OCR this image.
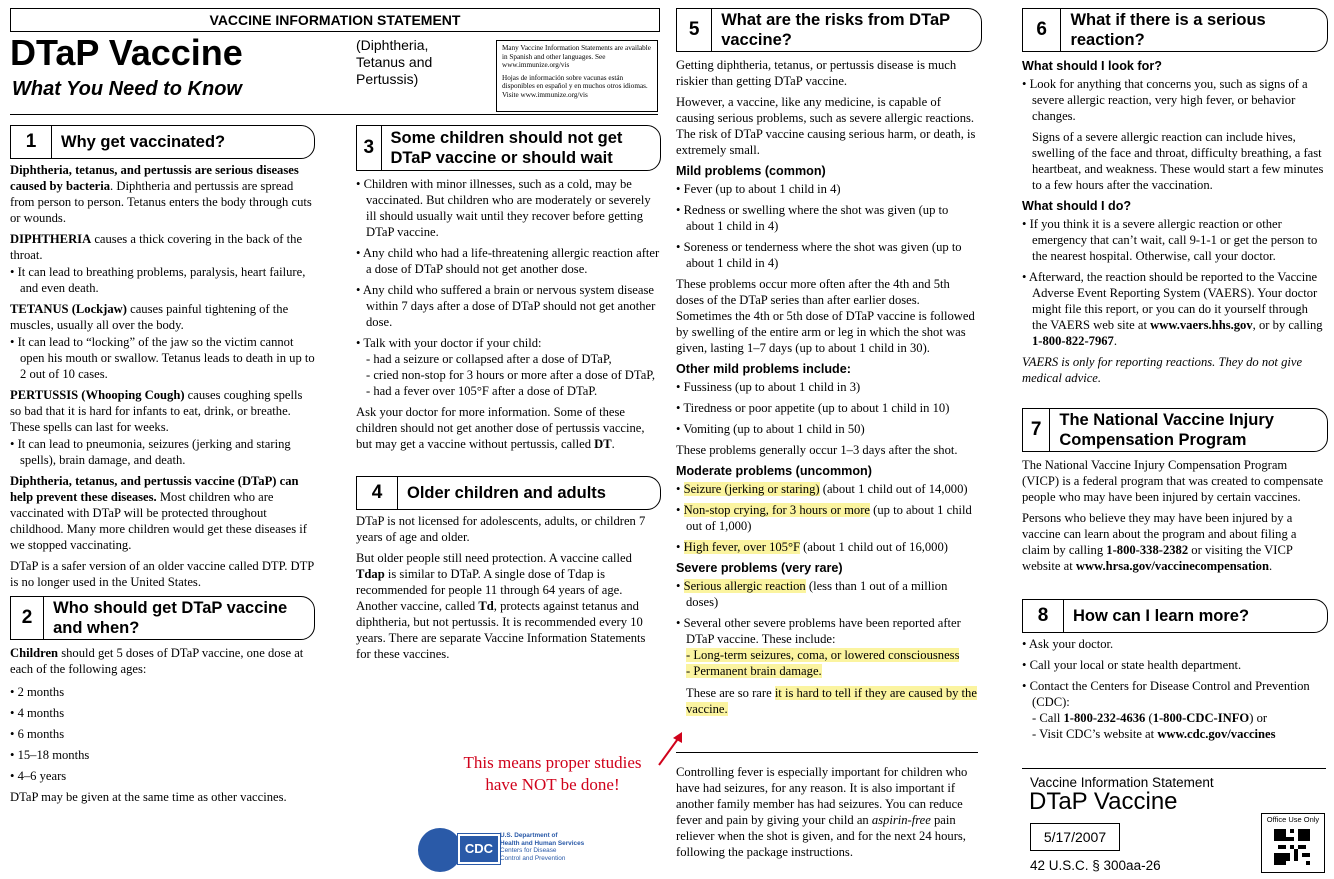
VACCINE INFORMATION STATEMENT
DTaP Vaccine
What You Need to Know
(Diphtheria,
Tetanus and
Pertussis)
Many Vaccine Information Statements are available in Spanish and other languages. See www.immunize.org/vis
Hojas de información sobre vacunas están disponibles en español y en muchos otros idiomas. Visite www.immunize.org/vis
1	Why get vaccinated?

Diphtheria, tetanus, and pertussis are serious diseases caused by bacteria. Diphtheria and pertussis are spread from person to person. Tetanus enters the body through cuts or wounds.

DIPHTHERIA causes a thick covering in the back of the throat.

• It can lead to breathing problems, paralysis, heart failure, and even death.

TETANUS (Lockjaw) causes painful tightening of the muscles, usually all over the body.

• It can lead to “locking” of the jaw so the victim cannot open his mouth or swallow. Tetanus leads to death in up to 2 out of 10 cases.

PERTUSSIS (Whooping Cough) causes coughing spells so bad that it is hard for infants to eat, drink, or breathe. These spells can last for weeks.

• It can lead to pneumonia, seizures (jerking and staring spells), brain damage, and death.

Diphtheria, tetanus, and pertussis vaccine (DTaP) can help prevent these diseases. Most children who are vaccinated with DTaP will be protected throughout childhood. Many more children would get these diseases if we stopped vaccinating.

DTaP is a safer version of an older vaccine called DTP. DTP is no longer used in the United States.

2	Who should get DTaP vaccine and when?

Children should get 5 doses of DTaP vaccine, one dose at each of the following ages:

• 2 months

• 4 months

• 6 months

• 15–18 months

• 4–6 years

DTaP may be given at the same time as other vaccines.

3 Some children should not get DTaP vaccine or should wait

• Children with minor illnesses, such as a cold, may be vaccinated. But children who are moderately or severely ill should usually wait until they recover before getting DTaP vaccine.

• Any child who had a life-threatening allergic reaction after a dose of DTaP should not get another dose.

• Any child who suffered a brain or nervous system disease within 7 days after a dose of DTaP should not get another dose.

• Talk with your doctor if your child:

- had a seizure or collapsed after a dose of DTaP,
- cried non-stop for 3 hours or more after a dose of DTaP,
- had a fever over 105°F after a dose of DTaP.

Ask your doctor for more information. Some of these children should not get another dose of pertussis vaccine, but may get a vaccine without pertussis, called DT.

4	Older children and adults

DTaP is not licensed for adolescents, adults, or children 7 years of age and older.

But older people still need protection. A vaccine called Tdap is similar to DTaP. A single dose of Tdap is recommended for people 11 through 64 years of age. Another vaccine, called Td, protects against tetanus and diphtheria, but not pertussis. It is recommended every 10 years. There are separate Vaccine Information Statements for these vaccines.

This means proper studies
have NOT be done!
CDC
U.S. Department of
Health and Human Services
Centers for Disease
Control and Prevention
5	What are the risks from DTaP vaccine?

Getting diphtheria, tetanus, or pertussis disease is much riskier than getting DTaP vaccine.

However, a vaccine, like any medicine, is capable of causing serious problems, such as severe allergic reactions. The risk of DTaP vaccine causing serious harm, or death, is extremely small.

Mild problems (common)

• Fever (up to about 1 child in 4)

• Redness or swelling where the shot was given (up to about 1 child in 4)

• Soreness or tenderness where the shot was given (up to about 1 child in 4)

These problems occur more often after the 4th and 5th doses of the DTaP series than after earlier doses. Sometimes the 4th or 5th dose of DTaP vaccine is followed by swelling of the entire arm or leg in which the shot was given, lasting 1–7 days (up to about 1 child in 30).

Other mild problems include:

• Fussiness (up to about 1 child in 3)

• Tiredness or poor appetite (up to about 1 child in 10)

• Vomiting (up to about 1 child in 50)

These problems generally occur 1–3 days after the shot.

Moderate problems (uncommon)

• Seizure (jerking or staring) (about 1 child out of 14,000)

• Non-stop crying, for 3 hours or more (up to about 1 child out of 1,000)

• High fever, over 105°F (about 1 child out of 16,000)

Severe problems (very rare)

• Serious allergic reaction (less than 1 out of a million doses)

• Several other severe problems have been reported after DTaP vaccine. These include:

- Long-term seizures, coma, or lowered consciousness
- Permanent brain damage.
These are so rare it is hard to tell if they are caused by the vaccine.

Controlling fever is especially important for children who have had seizures, for any reason. It is also important if another family member has had seizures. You can reduce fever and pain by giving your child an aspirin-free pain reliever when the shot is given, and for the next 24 hours, following the package instructions.

6	What if there is a serious reaction?
What should I look for?

• Look for anything that concerns you, such as signs of a severe allergic reaction, very high fever, or behavior changes.

Signs of a severe allergic reaction can include hives, swelling of the face and throat, difficulty breathing, a fast heartbeat, and weakness. These would start a few minutes to a few hours after the vaccination.

What should I do?

• If you think it is a severe allergic reaction or other emergency that can’t wait, call 9-1-1 or get the person to the nearest hospital. Otherwise, call your doctor.

• Afterward, the reaction should be reported to the Vaccine Adverse Event Reporting System (VAERS). Your doctor might file this report, or you can do it yourself through the VAERS web site at www.vaers.hhs.gov, or by calling 1-800-822-7967.

VAERS is only for reporting reactions. They do not give medical advice.

7	The National Vaccine Injury Compensation Program

The National Vaccine Injury Compensation Program (VICP) is a federal program that was created to compensate people who may have been injured by certain vaccines.

Persons who believe they may have been injured by a vaccine can learn about the program and about filing a claim by calling 1-800-338-2382 or visiting the VICP website at www.hrsa.gov/vaccinecompensation.

8	How can I learn more?

• Ask your doctor.

• Call your local or state health department.

• Contact the Centers for Disease Control and Prevention (CDC):

- Call 1-800-232-4636 (1-800-CDC-INFO) or
- Visit CDC’s website at www.cdc.gov/vaccines
Vaccine Information Statement
DTaP Vaccine
5/17/2007
42 U.S.C. § 300aa-26
Office Use Only
